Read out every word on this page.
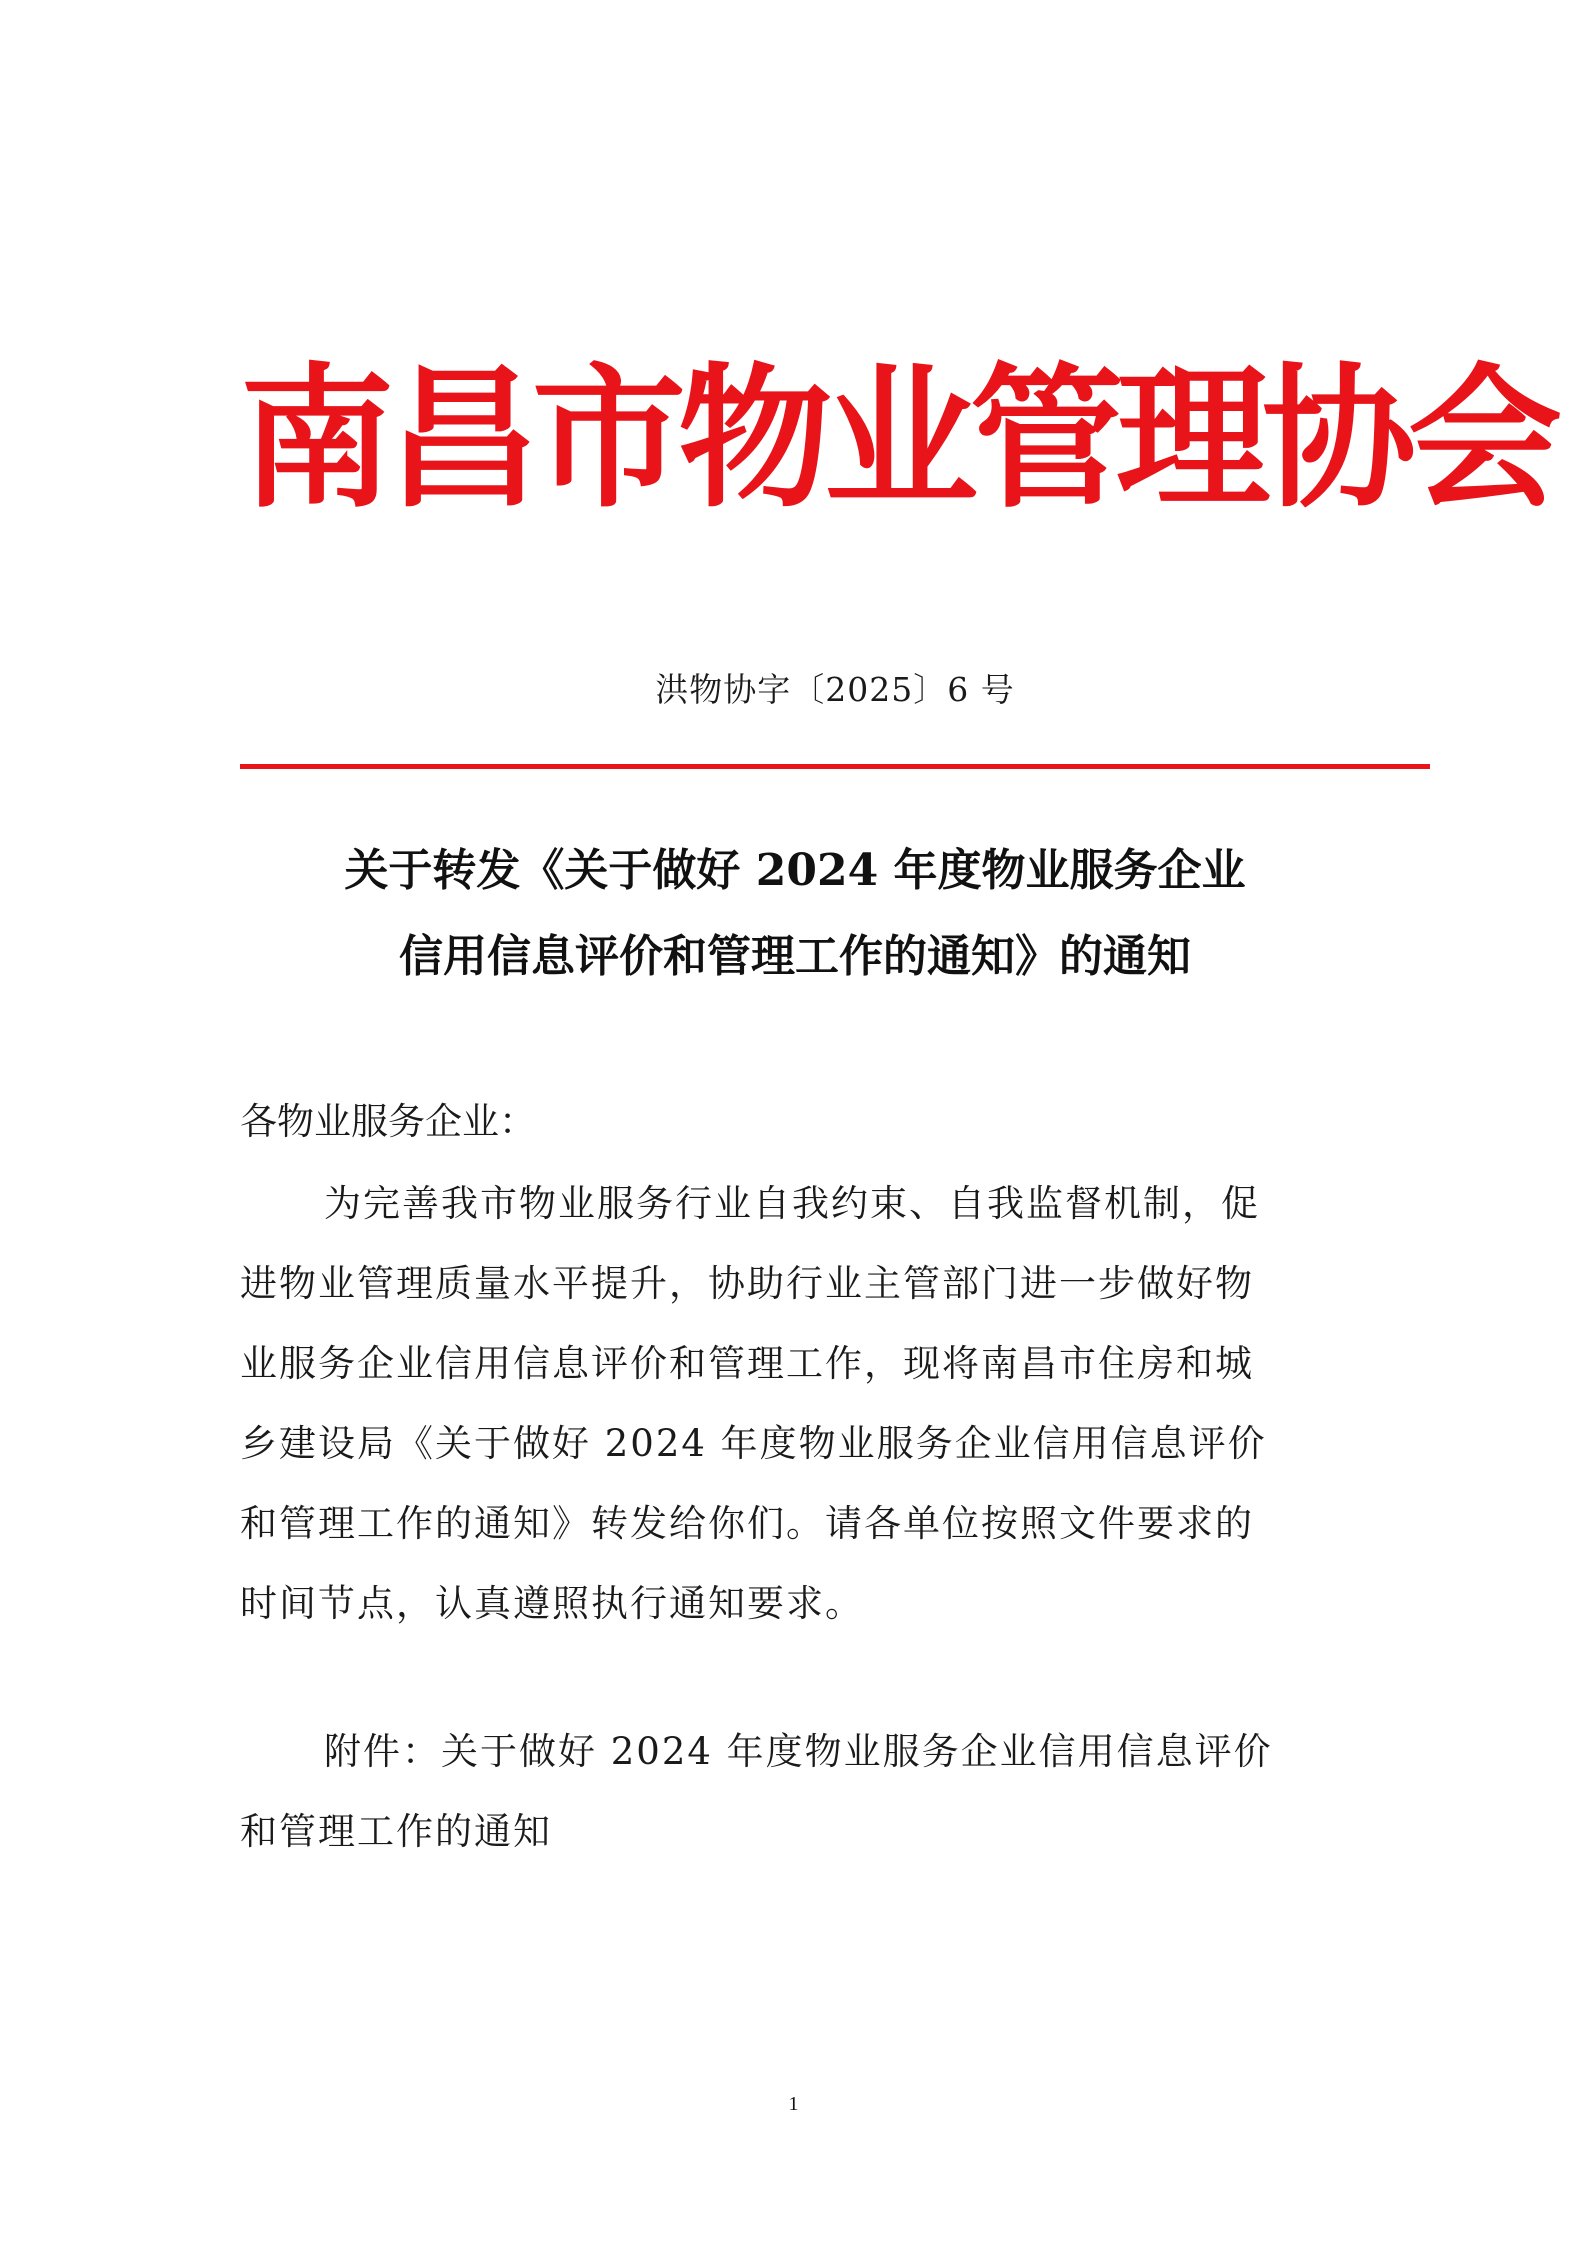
南昌市物业管理协会
洪物协字〔2025〕6 号
关于转发《关于做好 2024 年度物业服务企业
信用信息评价和管理工作的通知》的通知

各物业服务企业：

为完善我市物业服务行业自我约束、自我监督机制，促
进物业管理质量水平提升，协助行业主管部门进一步做好物
业服务企业信用信息评价和管理工作，现将南昌市住房和城
乡建设局《关于做好 2024 年度物业服务企业信用信息评价
和管理工作的通知》转发给你们。请各单位按照文件要求的
时间节点，认真遵照执行通知要求。

附件：关于做好 2024 年度物业服务企业信用信息评价
和管理工作的通知

1
